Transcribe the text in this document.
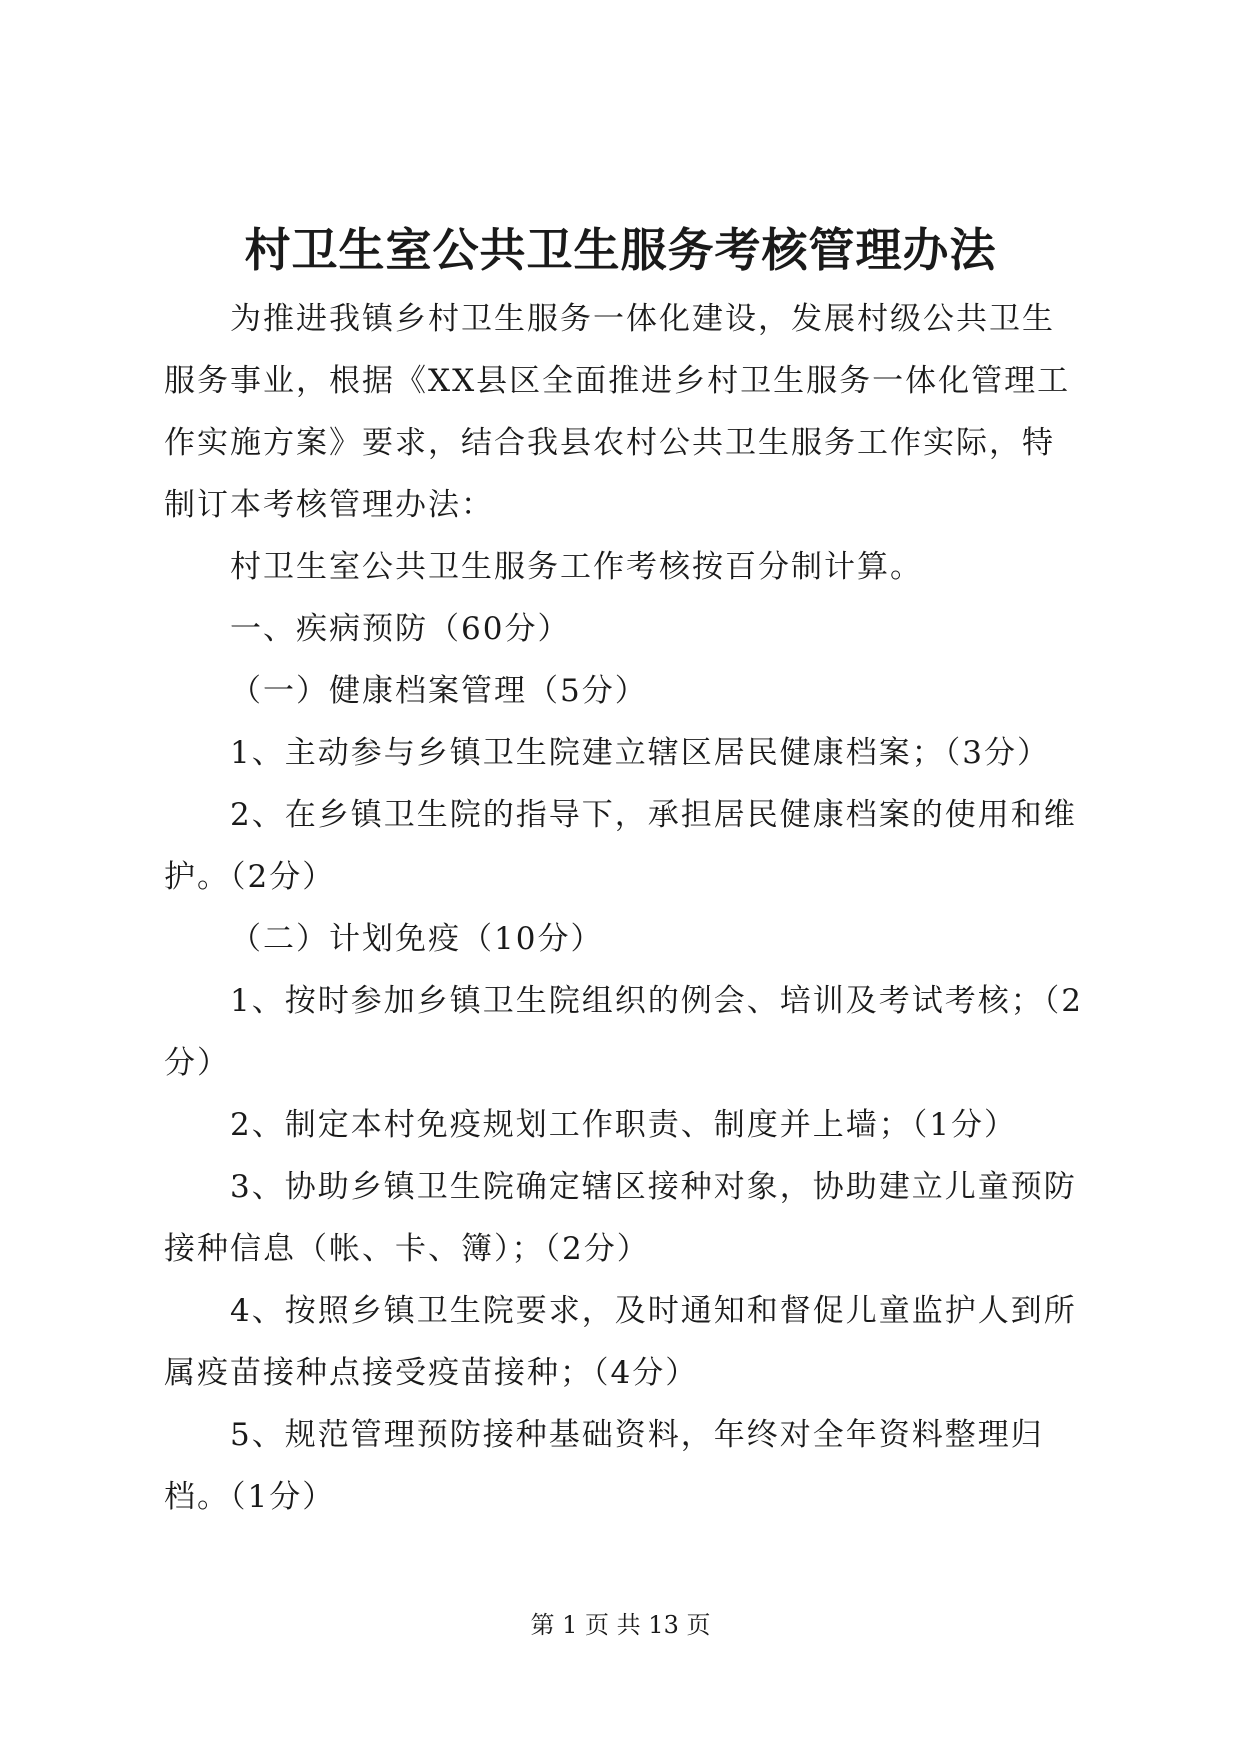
村卫生室公共卫生服务考核管理办法

为推进我镇乡村卫生服务一体化建设，发展村级公共卫生服务事业，根据《XX县区全面推进乡村卫生服务一体化管理工作实施方案》要求，结合我县农村公共卫生服务工作实际，特制订本考核管理办法：

村卫生室公共卫生服务工作考核按百分制计算。

一、疾病预防（60分）

（一）健康档案管理（5分）

1、主动参与乡镇卫生院建立辖区居民健康档案；（3分）

2、在乡镇卫生院的指导下，承担居民健康档案的使用和维护。（2分）

（二）计划免疫（10分）

1、按时参加乡镇卫生院组织的例会、培训及考试考核；（2分）

2、制定本村免疫规划工作职责、制度并上墙；（1分）

3、协助乡镇卫生院确定辖区接种对象，协助建立儿童预防接种信息（帐、卡、簿）；（2分）

4、按照乡镇卫生院要求，及时通知和督促儿童监护人到所属疫苗接种点接受疫苗接种；（4分）

5、规范管理预防接种基础资料，年终对全年资料整理归档。（1分）

第 1 页 共 13 页
